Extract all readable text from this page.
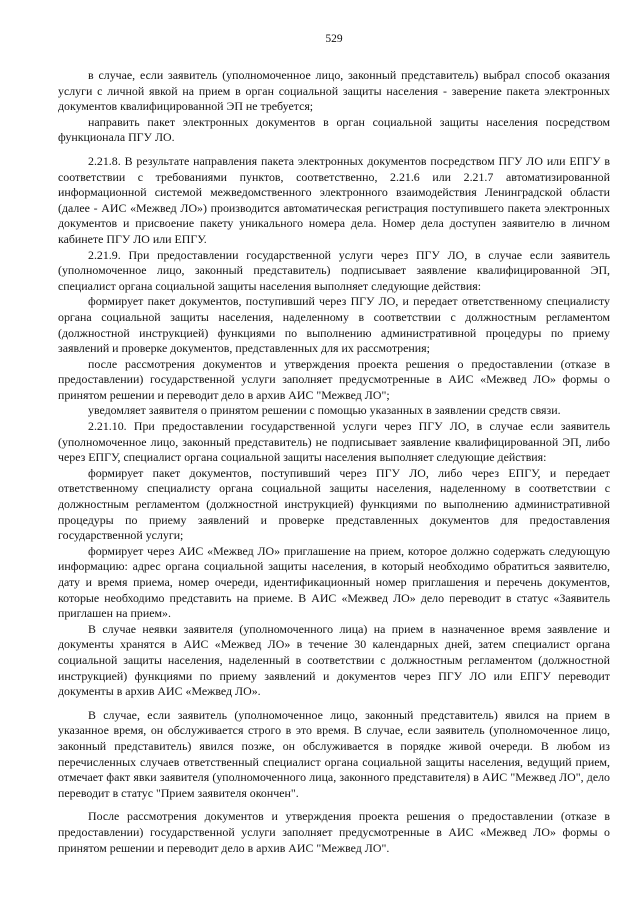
529

в случае, если заявитель (уполномоченное лицо, законный представитель) выбрал способ оказания услуги с личной явкой на прием в орган социальной защиты населения - заверение пакета электронных документов квалифицированной ЭП не требуется;

направить пакет электронных документов в орган социальной защиты населения посредством функционала ПГУ ЛО.

2.21.8. В результате направления пакета электронных документов посредством ПГУ ЛО или ЕПГУ в соответствии с требованиями пунктов, соответственно, 2.21.6 или 2.21.7 автоматизированной информационной системой межведомственного электронного взаимодействия Ленинградской области (далее - АИС «Межвед ЛО») производится автоматическая регистрация поступившего пакета электронных документов и присвоение пакету уникального номера дела. Номер дела доступен заявителю в личном кабинете ПГУ ЛО или ЕПГУ.

2.21.9. При предоставлении государственной услуги через ПГУ ЛО, в случае если заявитель (уполномоченное лицо, законный представитель) подписывает заявление квалифицированной ЭП, специалист органа социальной защиты населения выполняет следующие действия:

формирует пакет документов, поступивший через ПГУ ЛО, и передает ответственному специалисту органа социальной защиты населения, наделенному в соответствии с должностным регламентом (должностной инструкцией) функциями по выполнению административной процедуры по приему заявлений и проверке документов, представленных для их рассмотрения;

после рассмотрения документов и утверждения проекта решения о предоставлении (отказе в предоставлении) государственной услуги заполняет предусмотренные в АИС «Межвед ЛО» формы о принятом решении и переводит дело в архив АИС "Межвед ЛО";

уведомляет заявителя о принятом решении с помощью указанных в заявлении средств связи.

2.21.10. При предоставлении государственной услуги через ПГУ ЛО, в случае если заявитель (уполномоченное лицо, законный представитель) не подписывает заявление квалифицированной ЭП, либо через ЕПГУ, специалист органа социальной защиты населения выполняет следующие действия:

формирует пакет документов, поступивший через ПГУ ЛО, либо через ЕПГУ, и передает ответственному специалисту органа социальной защиты населения, наделенному в соответствии с должностным регламентом (должностной инструкцией) функциями по выполнению административной процедуры по приему заявлений и проверке представленных документов для предоставления государственной услуги;

формирует через АИС «Межвед ЛО» приглашение на прием, которое должно содержать следующую информацию: адрес органа социальной защиты населения, в который необходимо обратиться заявителю, дату и время приема, номер очереди, идентификационный номер приглашения и перечень документов, которые необходимо представить на приеме. В АИС «Межвед ЛО» дело переводит в статус «Заявитель приглашен на прием».

В случае неявки заявителя (уполномоченного лица) на прием в назначенное время заявление и документы хранятся в АИС «Межвед ЛО» в течение 30 календарных дней, затем специалист органа социальной защиты населения, наделенный в соответствии с должностным регламентом (должностной инструкцией) функциями по приему заявлений и документов через ПГУ ЛО или ЕПГУ переводит документы в архив АИС «Межвед ЛО».

В случае, если заявитель (уполномоченное лицо, законный представитель) явился на прием в указанное время, он обслуживается строго в это время. В случае, если заявитель (уполномоченное лицо, законный представитель) явился позже, он обслуживается в порядке живой очереди. В любом из перечисленных случаев ответственный специалист органа социальной защиты населения, ведущий прием, отмечает факт явки заявителя (уполномоченного лица, законного представителя) в АИС "Межвед ЛО", дело переводит в статус "Прием заявителя окончен".

После рассмотрения документов и утверждения проекта решения о предоставлении (отказе в предоставлении) государственной услуги заполняет предусмотренные в АИС «Межвед ЛО» формы о принятом решении и переводит дело в архив АИС "Межвед ЛО".
